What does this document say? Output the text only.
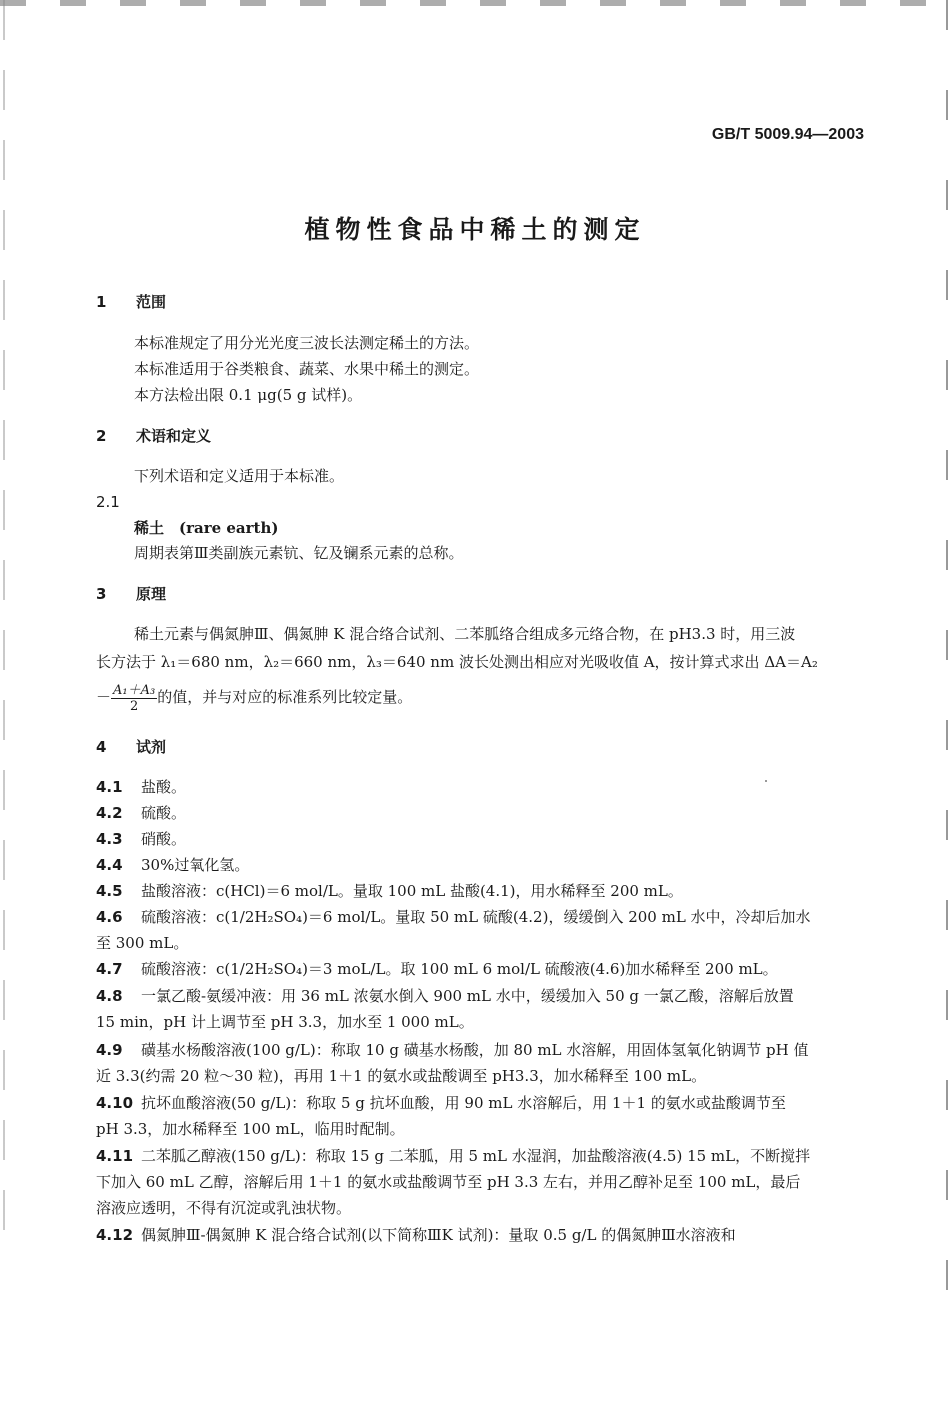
GB/T 5009.94—2003
植物性食品中稀土的测定
1 范围
本标准规定了用分光光度三波长法测定稀土的方法。
本标准适用于谷类粮食、蔬菜、水果中稀土的测定。
本方法检出限 0.1 μg(5 g 试样)。
2 术语和定义
下列术语和定义适用于本标准。
2.1
稀土　(rare earth)
周期表第Ⅲ类副族元素钪、钇及镧系元素的总称。
3 原理
稀土元素与偶氮胂Ⅲ、偶氮胂 K 混合络合试剂、二苯胍络合组成多元络合物，在 pH3.3 时，用三波
长方法于 λ₁＝680 nm，λ₂＝660 nm，λ₃＝640 nm 波长处测出相应对光吸收值 A，按计算式求出 ΔA＝A₂
－ $\frac{\text{A₁＋A₃}}{2}$ 的值，并与对应的标准系列比较定量。
4 试剂
4.1 盐酸。
4.2 硫酸。
4.3 硝酸。
4.4 30%过氧化氢。
4.5 盐酸溶液：c(HCl)＝6 mol/L。量取 100 mL 盐酸(4.1)，用水稀释至 200 mL。
4.6 硫酸溶液：c(1/2H₂SO₄)＝6 mol/L。量取 50 mL 硫酸(4.2)，缓缓倒入 200 mL 水中，冷却后加水
至 300 mL。
4.7 硫酸溶液：c(1/2H₂SO₄)＝3 moL/L。取 100 mL 6 mol/L 硫酸液(4.6)加水稀释至 200 mL。
4.8 一氯乙酸-氨缓冲液：用 36 mL 浓氨水倒入 900 mL 水中，缓缓加入 50 g 一氯乙酸，溶解后放置
15 min，pH 计上调节至 pH 3.3，加水至 1 000 mL。
4.9 磺基水杨酸溶液(100 g/L)：称取 10 g 磺基水杨酸，加 80 mL 水溶解，用固体氢氧化钠调节 pH 值
近 3.3(约需 20 粒～30 粒)，再用 1＋1 的氨水或盐酸调至 pH3.3，加水稀释至 100 mL。
4.10 抗坏血酸溶液(50 g/L)：称取 5 g 抗坏血酸，用 90 mL 水溶解后，用 1＋1 的氨水或盐酸调节至
pH 3.3，加水稀释至 100 mL，临用时配制。
4.11 二苯胍乙醇液(150 g/L)：称取 15 g 二苯胍，用 5 mL 水湿润，加盐酸溶液(4.5) 15 mL，不断搅拌
下加入 60 mL 乙醇，溶解后用 1＋1 的氨水或盐酸调节至 pH 3.3 左右，并用乙醇补足至 100 mL，最后
溶液应透明，不得有沉淀或乳浊状物。
4.12 偶氮胂Ⅲ-偶氮胂 K 混合络合试剂(以下简称ⅢK 试剂)：量取 0.5 g/L 的偶氮胂Ⅲ水溶液和
